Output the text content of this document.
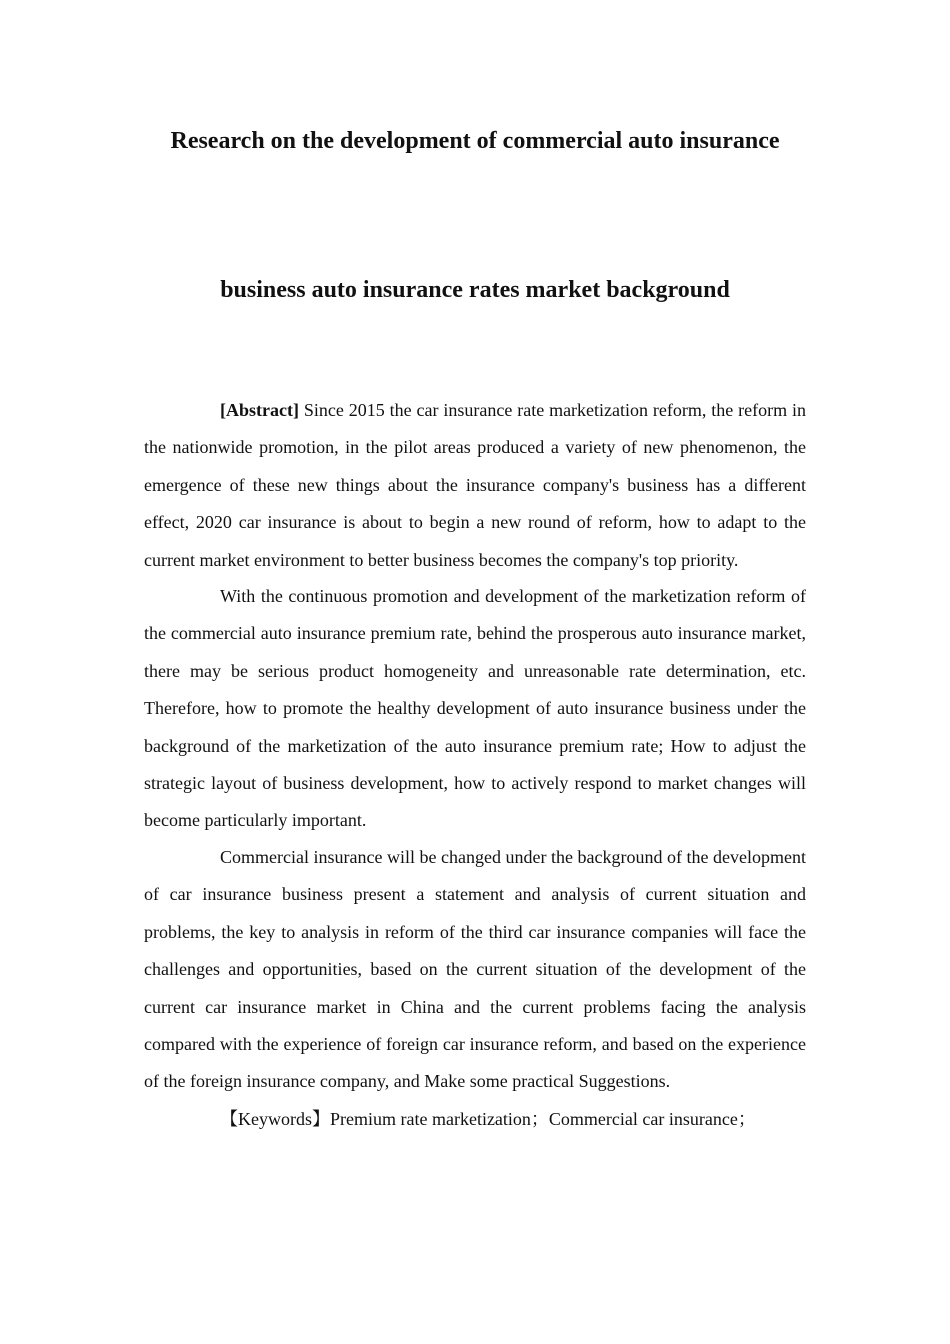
Research on the development of commercial auto insurance
business auto insurance rates market background

[Abstract] Since 2015 the car insurance rate marketization reform, the reform in the nationwide promotion, in the pilot areas produced a variety of new phenomenon, the emergence of these new things about the insurance company's business has a different effect, 2020 car insurance is about to begin a new round of reform, how to adapt to the current market environment to better business becomes the company's top priority.

With the continuous promotion and development of the marketization reform of the commercial auto insurance premium rate, behind the prosperous auto insurance market, there may be serious product homogeneity and unreasonable rate determination, etc. Therefore, how to promote the healthy development of auto insurance business under the background of the marketization of the auto insurance premium rate; How to adjust the strategic layout of business development, how to actively respond to market changes will become particularly important.

Commercial insurance will be changed under the background of the development of car insurance business present a statement and analysis of current situation and problems, the key to analysis in reform of the third car insurance companies will face the challenges and opportunities, based on the current situation of the development of the current car insurance market in China and the current problems facing the analysis compared with the experience of foreign car insurance reform, and based on the experience of the foreign insurance company, and Make some practical Suggestions.

【Keywords】Premium rate marketization；Commercial car insurance；
